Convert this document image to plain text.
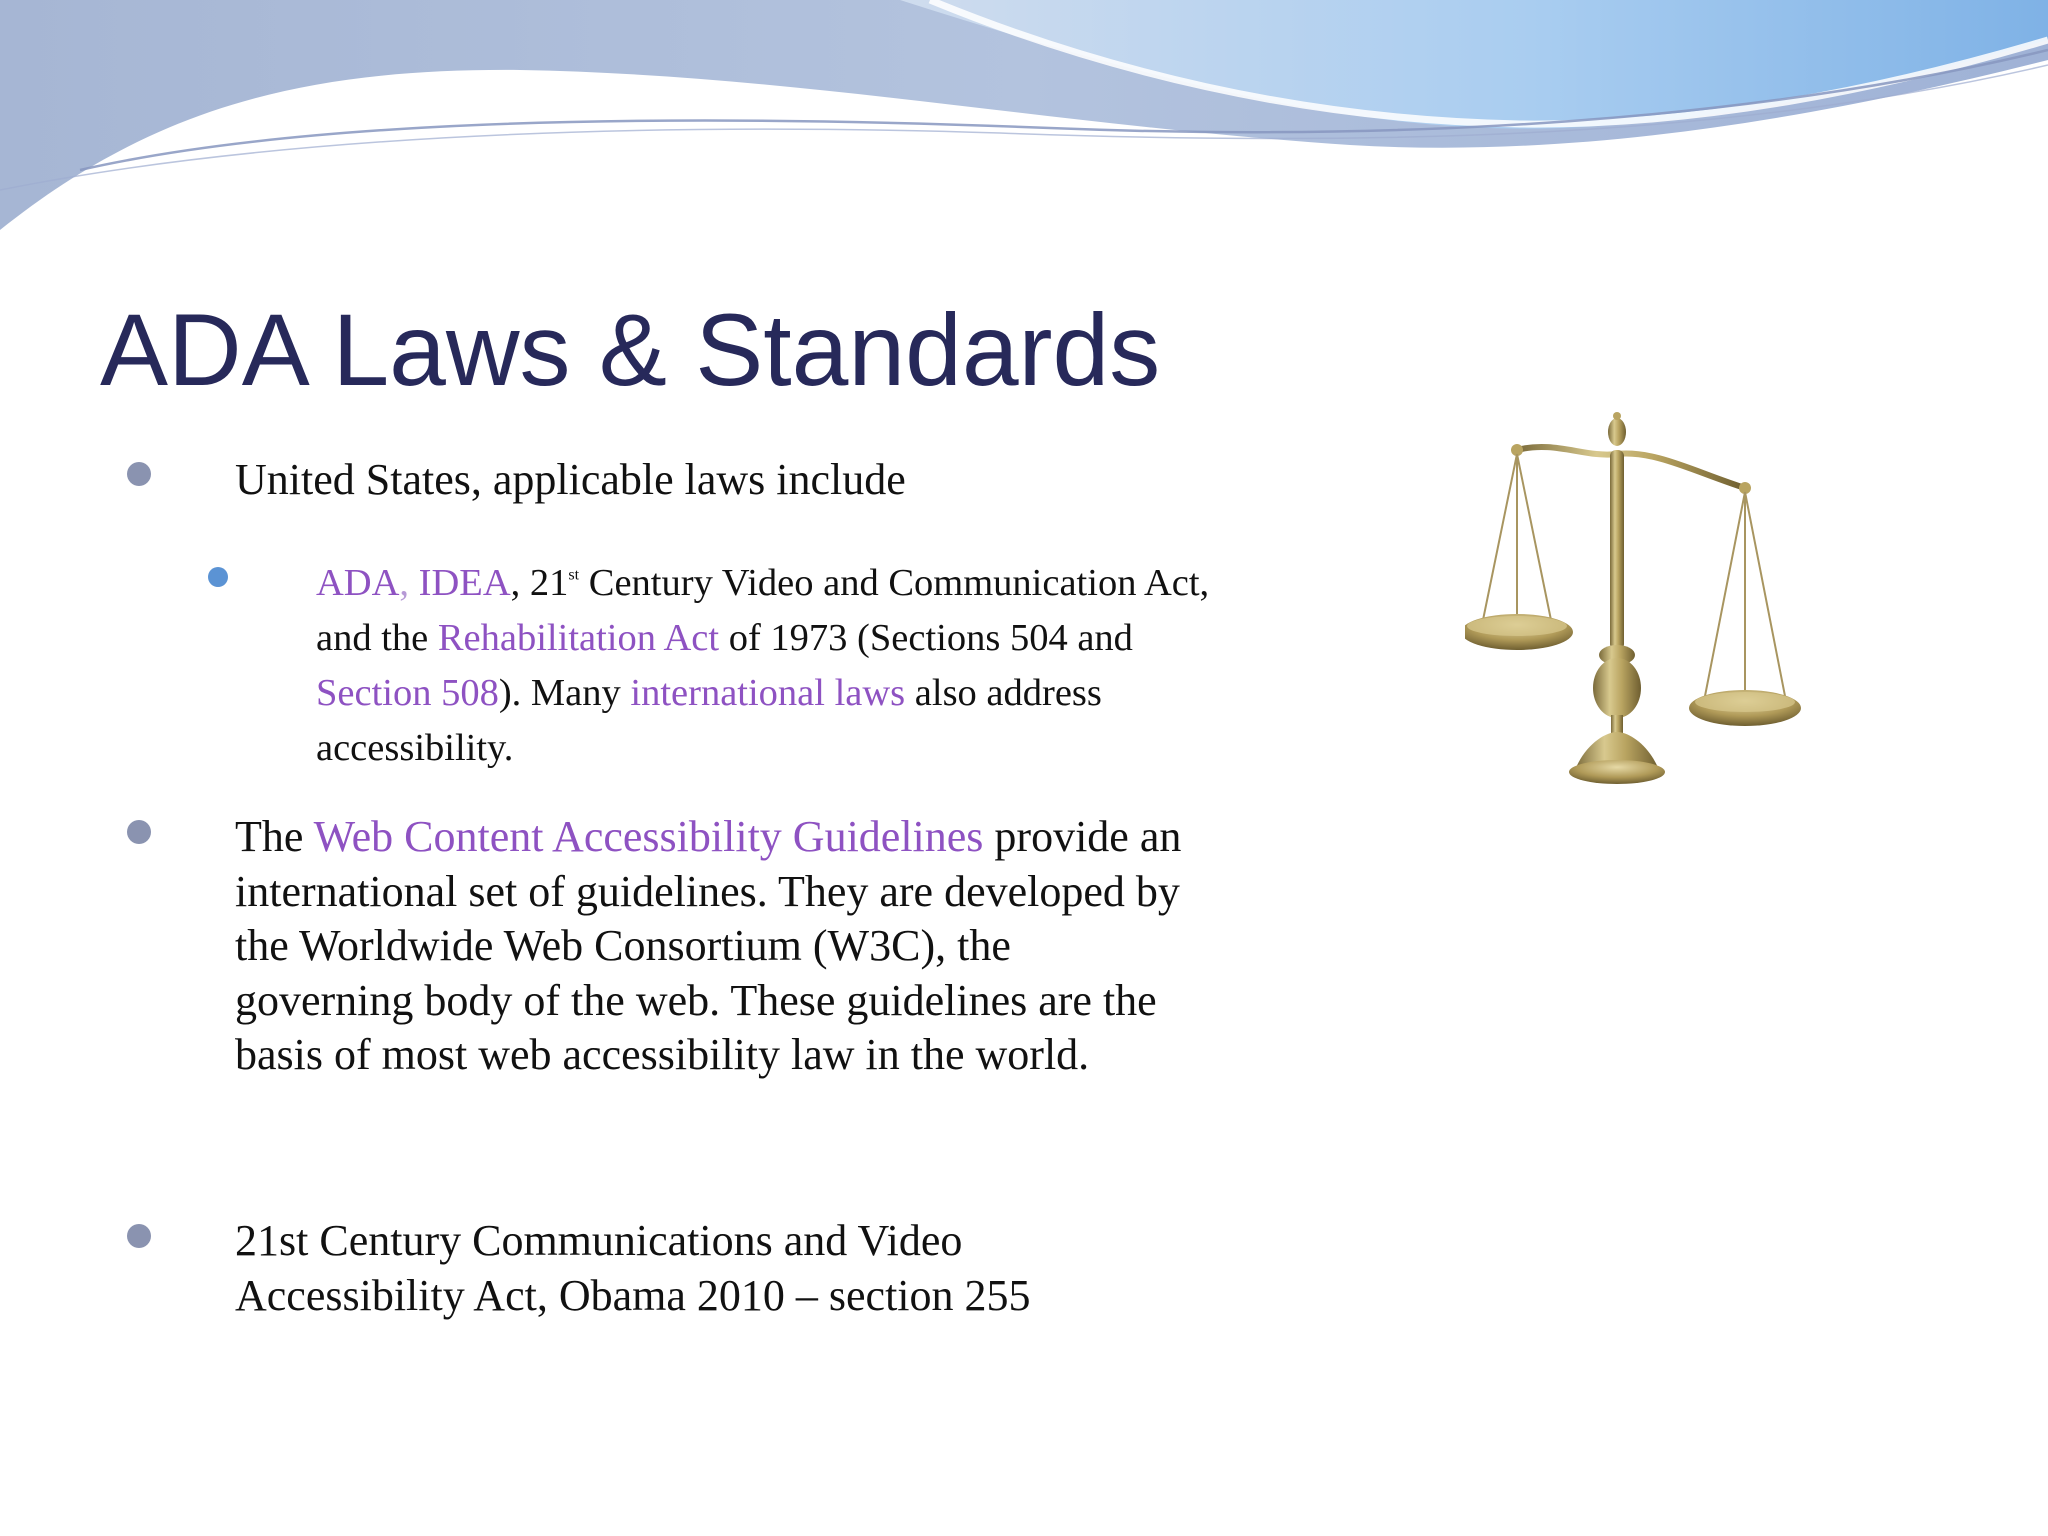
ADA Laws & Standards
United States, applicable laws include
ADA, IDEA, 21st Century Video and Communication Act, and the Rehabilitation Act of 1973 (Sections 504 and Section 508). Many international laws also address accessibility.
The Web Content Accessibility Guidelines provide an international set of guidelines. They are developed by the Worldwide Web Consortium (W3C), the governing body of the web. These guidelines are the basis of most web accessibility law in the world.
21st Century Communications and Video Accessibility Act, Obama 2010 – section 255
